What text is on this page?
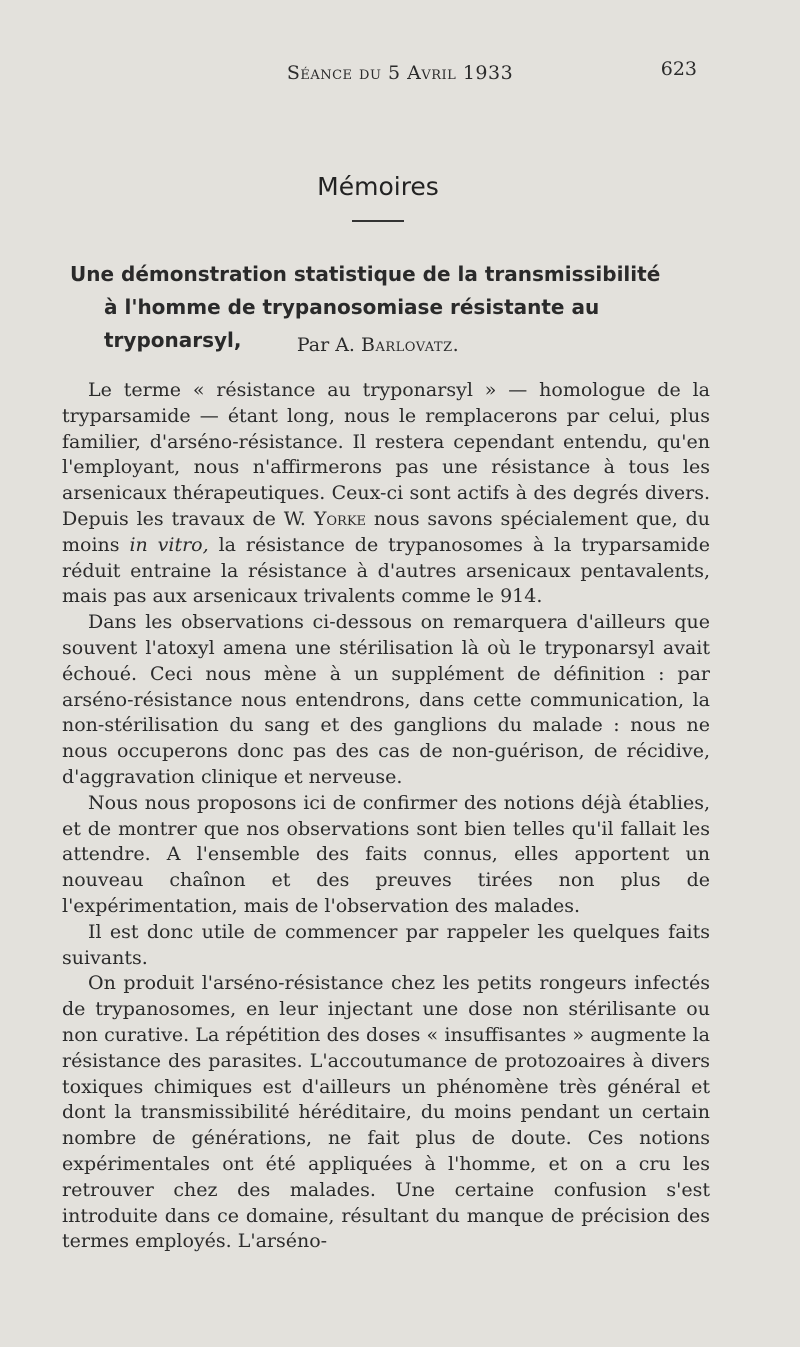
Séance du 5 Avril 1933	623
Mémoires
Une démonstration statistique de la transmissibilité
à l'homme de trypanosomiase résistante au tryponarsyl,	Par A. Barlovatz.

Le terme « résistance au tryponarsyl » — homologue de la tryparsamide — étant long, nous le remplacerons par celui, plus familier, d'arséno-résistance. Il restera cependant entendu, qu'en l'employant, nous n'affirmerons pas une résistance à tous les arsenicaux thérapeutiques. Ceux-ci sont actifs à des degrés divers. Depuis les travaux de W. Yorke nous savons spécialement que, du moins in vitro, la résistance de trypanosomes à la tryparsamide réduit entraine la résistance à d'autres arsenicaux pentavalents, mais pas aux arsenicaux trivalents comme le 914.

Dans les observations ci-dessous on remarquera d'ailleurs que souvent l'atoxyl amena une stérilisation là où le tryponarsyl avait échoué. Ceci nous mène à un supplément de définition : par arséno-résistance nous entendrons, dans cette communication, la non-stérilisation du sang et des ganglions du malade : nous ne nous occuperons donc pas des cas de non-guérison, de récidive, d'aggravation clinique et nerveuse.

Nous nous proposons ici de confirmer des notions déjà établies, et de montrer que nos observations sont bien telles qu'il fallait les attendre. A l'ensemble des faits connus, elles apportent un nouveau chaînon et des preuves tirées non plus de l'expérimentation, mais de l'observation des malades.

Il est donc utile de commencer par rappeler les quelques faits suivants.

On produit l'arséno-résistance chez les petits rongeurs infectés de trypanosomes, en leur injectant une dose non stérilisante ou non curative. La répétition des doses « insuffisantes » augmente la résistance des parasites. L'accoutumance de protozoaires à divers toxiques chimiques est d'ailleurs un phénomène très général et dont la transmissibilité héréditaire, du moins pendant un certain nombre de générations, ne fait plus de doute. Ces notions expérimentales ont été appliquées à l'homme, et on a cru les retrouver chez des malades. Une certaine confusion s'est introduite dans ce domaine, résultant du manque de précision des termes employés. L'arséno-
